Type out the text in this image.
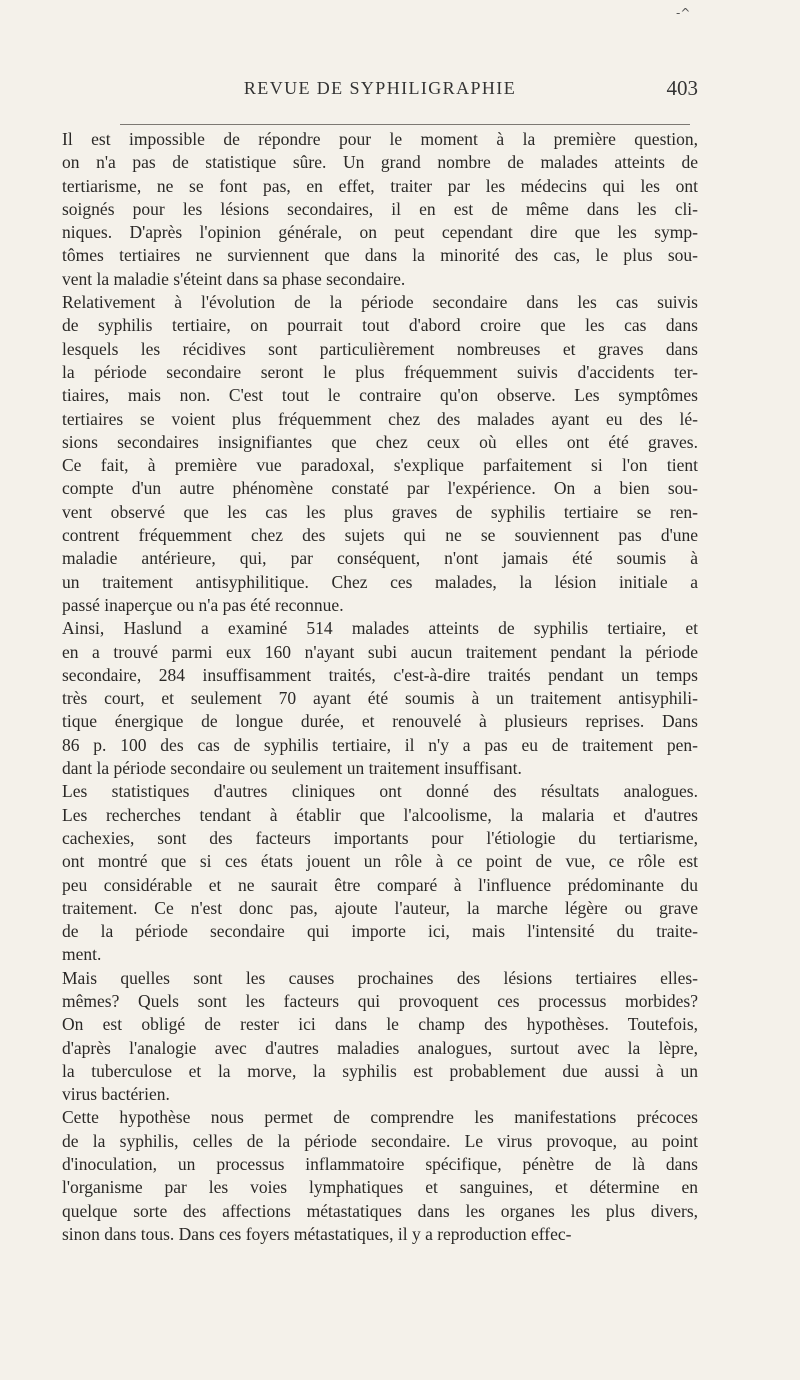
-^
REVUE DE SYPHILIGRAPHIE	403

Il est impossible de répondre pour le moment à la première question,
on n'a pas de statistique sûre. Un grand nombre de malades atteints de
tertiarisme, ne se font pas, en effet, traiter par les médecins qui les ont
soignés pour les lésions secondaires, il en est de même dans les cli-
niques. D'après l'opinion générale, on peut cependant dire que les symp-
tômes tertiaires ne surviennent que dans la minorité des cas, le plus sou-
vent la maladie s'éteint dans sa phase secondaire.

Relativement à l'évolution de la période secondaire dans les cas suivis
de syphilis tertiaire, on pourrait tout d'abord croire que les cas dans
lesquels les récidives sont particulièrement nombreuses et graves dans
la période secondaire seront le plus fréquemment suivis d'accidents ter-
tiaires, mais non. C'est tout le contraire qu'on observe. Les symptômes
tertiaires se voient plus fréquemment chez des malades ayant eu des lé-
sions secondaires insignifiantes que chez ceux où elles ont été graves.
Ce fait, à première vue paradoxal, s'explique parfaitement si l'on tient
compte d'un autre phénomène constaté par l'expérience. On a bien sou-
vent observé que les cas les plus graves de syphilis tertiaire se ren-
contrent fréquemment chez des sujets qui ne se souviennent pas d'une
maladie antérieure, qui, par conséquent, n'ont jamais été soumis à
un traitement antisyphilitique. Chez ces malades, la lésion initiale a
passé inaperçue ou n'a pas été reconnue.

Ainsi, Haslund a examiné 514 malades atteints de syphilis tertiaire, et
en a trouvé parmi eux 160 n'ayant subi aucun traitement pendant la période
secondaire, 284 insuffisamment traités, c'est-à-dire traités pendant un temps
très court, et seulement 70 ayant été soumis à un traitement antisyphili-
tique énergique de longue durée, et renouvelé à plusieurs reprises. Dans
86 p. 100 des cas de syphilis tertiaire, il n'y a pas eu de traitement pen-
dant la période secondaire ou seulement un traitement insuffisant.

Les statistiques d'autres cliniques ont donné des résultats analogues.
Les recherches tendant à établir que l'alcoolisme, la malaria et d'autres
cachexies, sont des facteurs importants pour l'étiologie du tertiarisme,
ont montré que si ces états jouent un rôle à ce point de vue, ce rôle est
peu considérable et ne saurait être comparé à l'influence prédominante du
traitement. Ce n'est donc pas, ajoute l'auteur, la marche légère ou grave
de la période secondaire qui importe ici, mais l'intensité du traite-
ment.

Mais quelles sont les causes prochaines des lésions tertiaires elles-
mêmes? Quels sont les facteurs qui provoquent ces processus morbides?
On est obligé de rester ici dans le champ des hypothèses. Toutefois,
d'après l'analogie avec d'autres maladies analogues, surtout avec la lèpre,
la tuberculose et la morve, la syphilis est probablement due aussi à un
virus bactérien.

Cette hypothèse nous permet de comprendre les manifestations précoces
de la syphilis, celles de la période secondaire. Le virus provoque, au point
d'inoculation, un processus inflammatoire spécifique, pénètre de là dans
l'organisme par les voies lymphatiques et sanguines, et détermine en
quelque sorte des affections métastatiques dans les organes les plus divers,
sinon dans tous. Dans ces foyers métastatiques, il y a reproduction effec-
